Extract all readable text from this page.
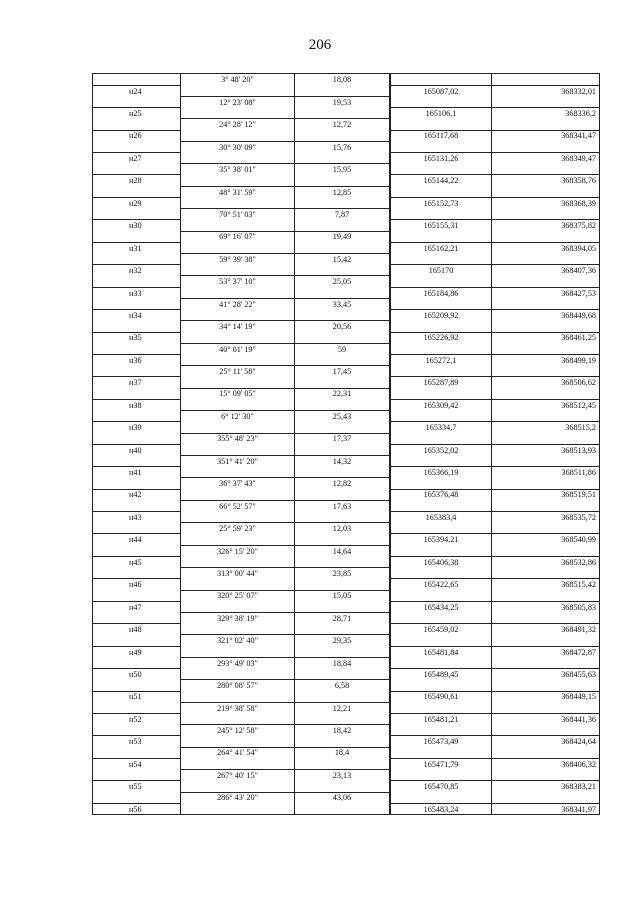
206
	3° 48' 20"	18,08		
н24			165087,02	368332,01
	12° 23' 08"	19,53		
н25			165106,1	368336,2
	24° 28' 12"	12,72		
н26			165117,68	368341,47
	30° 30' 09"	15,76		
н27			165131,26	368349,47
	35° 38' 01"	15,95		
н28			165144,22	368358,76
	48° 31' 59"	12,85		
н29			165152,73	368368,39
	70° 51' 03"	7,87		
н30			165155,31	368375,82
	69° 16' 07"	19,49		
н31			165162,21	368394,05
	59° 39' 38"	15,42		
н32			165170	368407,36
	53° 37' 10"	25,05		
н33			165184,86	368427,53
	41° 28' 22"	33,45		
н34			165209,92	368449,68
	34° 14' 19"	20,56		
н35			165226,92	368461,25
	40° 01' 19"	59		
н36			165272,1	368499,19
	25° 11' 58"	17,45		
н37			165287,89	368506,62
	15° 09' 05"	22,31		
н38			165309,42	368512,45
	6° 12' 30"	25,43		
н39			165334,7	368515,2
	355° 48' 23"	17,37		
н40			165352,02	368513,93
	351° 41' 20"	14,32		
н41			165366,19	368511,86
	36° 37' 43"	12,82		
н42			165376,48	368519,51
	66° 52' 57"	17,63		
н43			165383,4	368535,72
	25° 59' 23"	12,03		
н44			165394,21	368540,99
	326° 15' 20"	14,64		
н45			165406,38	368532,86
	313° 00' 44"	23,85		
н46			165422,65	368515,42
	320° 25' 07"	15,05		
н47			165434,25	368505,83
	329° 38' 19"	28,71		
н48			165459,02	368491,32
	321° 02' 40"	29,35		
н49			165481,84	368472,87
	293° 49' 03"	18,84		
н50			165489,45	368455,63
	280° 08' 57"	6,58		
н51			165490,61	368449,15
	219° 38' 58"	12,21		
н52			165481,21	368441,36
	245° 12' 58"	18,42		
н53			165473,49	368424,64
	264° 41' 54"	18,4		
н54			165471,79	368406,32
	267° 40' 15"	23,13		
н55			165470,85	368383,21
	286° 43' 20"	43,06		
н56			165483,24	368341,97
